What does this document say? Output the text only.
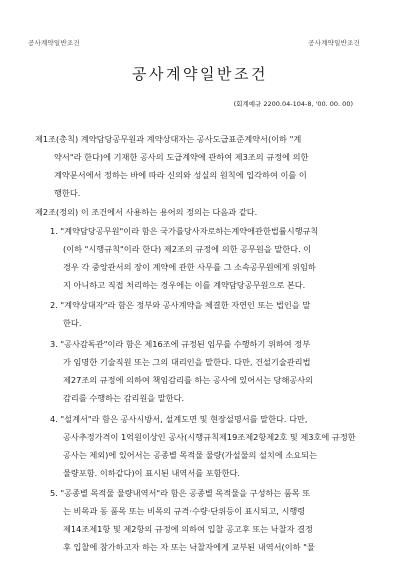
공사계약일반조건	공사계약일반조건
공사계약일반조건
(회계예규 2200.04-104-8, '00. 00. 00)
제1조(총칙) 계약담당공무원과 계약상대자는 공사도급표준계약서(이하 "계
약서"라 한다)에 기재한 공사의 도급계약에 관하여 제3조의 규정에 의한
계약문서에서 정하는 바에 따라 신의와 성실의 원칙에 입각하여 이를 이
행한다.
제2조(정의) 이 조건에서 사용하는 용어의 정의는 다음과 같다.
1. "계약담당공무원"이라 함은 국가를당사자로하는계약에관한법률시행규칙
(이하 "시행규칙"이라 한다) 제2조의 규정에 의한 공무원을 말한다. 이
경우 각 중앙관서의 장이 계약에 관한 사무를 그 소속공무원에게 위임하
지 아니하고 직접 처리하는 경우에는 이를 계약담당공무원으로 본다.
2. "계약상대자"라 함은 정부와 공사계약을 체결한 자연인 또는 법인을 말
한다.
3. "공사감독관"이라 함은 제16조에 규정된 임무를 수행하기 위하여 정부
가 임명한 기술직원 또는 그의 대리인을 말한다. 다만, 건설기술관리법
제27조의 규정에 의하여 책임감리를 하는 공사에 있어서는 당해공사의
감리를 수행하는 감리원을 말한다.
4. "설계서"라 함은 공사시방서, 설계도면 및 현장설명서를 말한다. 다만,
공사추정가격이 1억원이상인 공사(시행규칙제19조제2항제2호 및 제3호에 규정한
공사는 제외)에 있어서는 공종별 목적물 물량(가설물의 설치에 소요되는
물량포함. 이하같다)이 표시된 내역서를 포함한다.
5. "공종별 목적물 물량내역서"라 함은 공종별 목적물을 구성하는 품목 또
는 비목과 동 품목 또는 비목의 규격·수량·단위등이 표시되고, 시행령
제14조제1항 및 제2항의 규정에 의하여 입찰 공고후 또는 낙찰자 결정
후 입찰에 참가하고자 하는 자 또는 낙찰자에게 교부된 내역서(이하 "물
